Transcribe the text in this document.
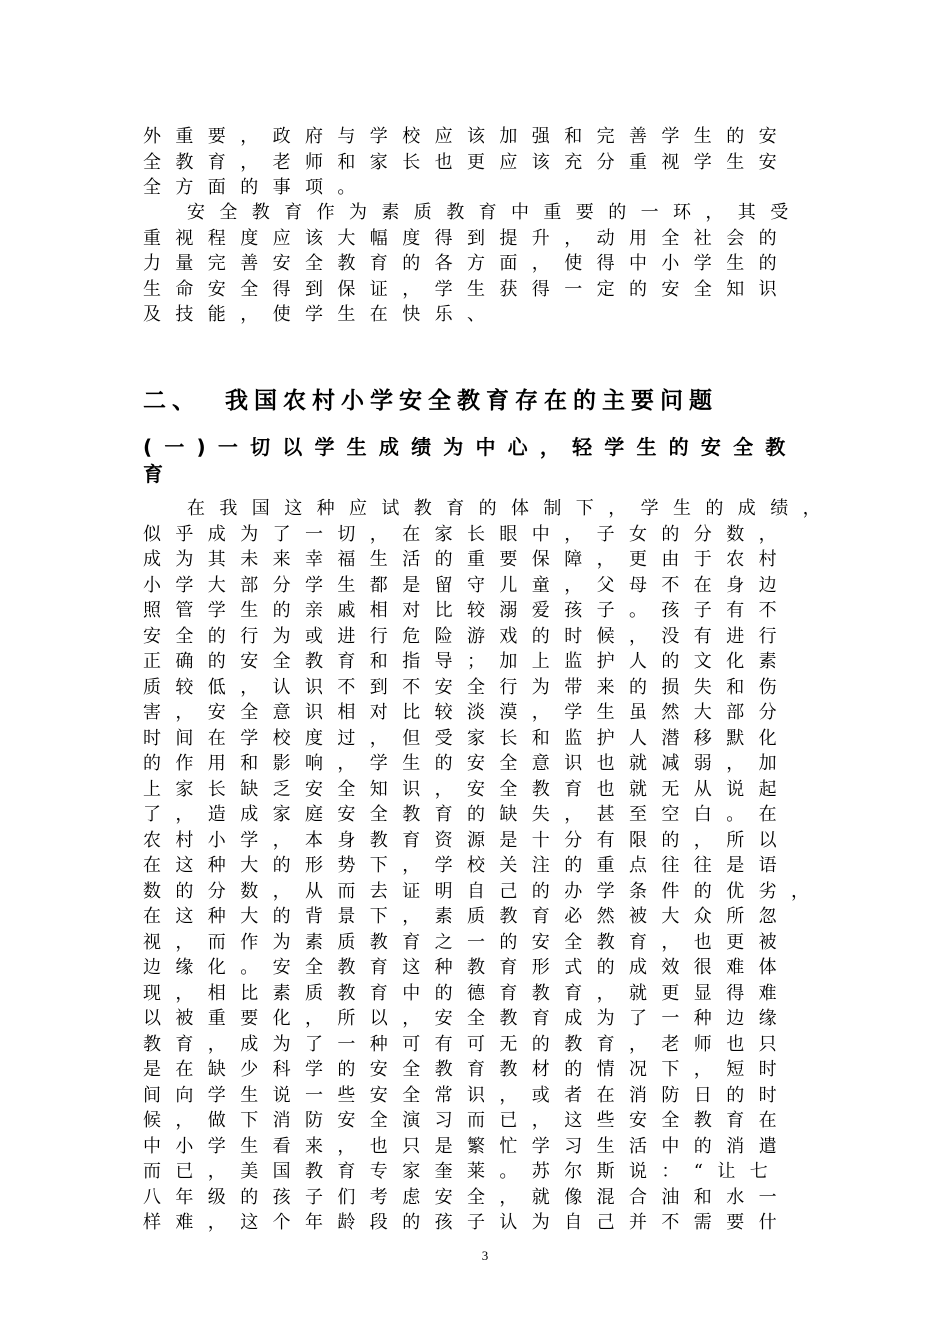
外重要，政府与学校应该加强和完善学生的安
全教育，老师和家长也更应该充分重视学生安
全方面的事项。
安全教育作为素质教育中重要的一环，其受
重视程度应该大幅度得到提升，动用全社会的
力量完善安全教育的各方面，使得中小学生的
生命安全得到保证，学生获得一定的安全知识
及技能，使学生在快乐、
二、 我国农村小学安全教育存在的主要问题
(一)一切以学生成绩为中心，轻学生的安全教
育
在我国这种应试教育的体制下，学生的成绩，
似乎成为了一切，在家长眼中，子女的分数，
成为其未来幸福生活的重要保障，更由于农村
小学大部分学生都是留守儿童，父母不在身边
照管学生的亲戚相对比较溺爱孩子。孩子有不
安全的行为或进行危险游戏的时候，没有进行
正确的安全教育和指导；加上监护人的文化素
质较低，认识不到不安全行为带来的损失和伤
害，安全意识相对比较淡漠，学生虽然大部分
时间在学校度过，但受家长和监护人潜移默化
的作用和影响，学生的安全意识也就减弱，加
上家长缺乏安全知识，安全教育也就无从说起
了，造成家庭安全教育的缺失，甚至空白。在
农村小学，本身教育资源是十分有限的，所以
在这种大的形势下，学校关注的重点往往是语
数的分数，从而去证明自己的办学条件的优劣，
在这种大的背景下，素质教育必然被大众所忽
视，而作为素质教育之一的安全教育，也更被
边缘化。安全教育这种教育形式的成效很难体
现，相比素质教育中的德育教育，就更显得难
以被重要化，所以，安全教育成为了一种边缘
教育，成为了一种可有可无的教育，老师也只
是在缺少科学的安全教育教材的情况下，短时
间向学生说一些安全常识，或者在消防日的时
候，做下消防安全演习而已，这些安全教育在
中小学生看来，也只是繁忙学习生活中的消遣
而已，美国教育专家奎莱。苏尔斯说：“让七
八年级的孩子们考虑安全，就像混合油和水一
样难，这个年龄段的孩子认为自己并不需要什
3
